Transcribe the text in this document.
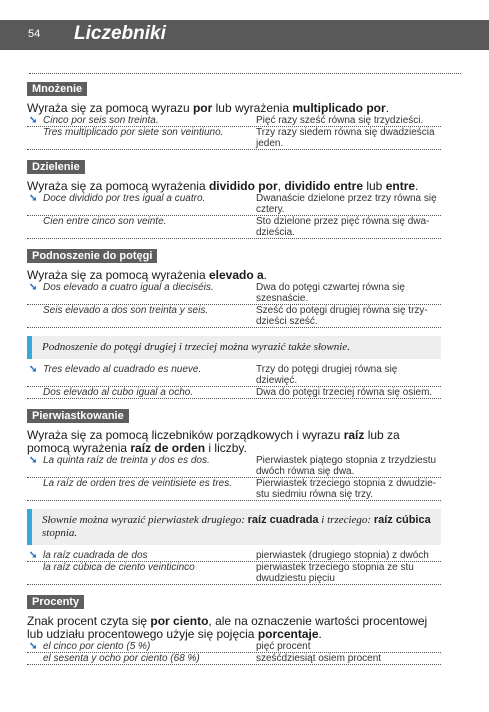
54 Liczebniki
Mnożenie
Wyraża się za pomocą wyrazu por lub wyrażenia multiplicado por.
➘ Cinco por seis son treinta.	Pięć razy sześć równa się trzydzieści.
Tres multiplicado por siete son veintiuno.	Trzy razy siedem równa się dwadzieścia jeden.
Dzielenie
Wyraża się za pomocą wyrażenia dividido por, dividido entre lub entre.
➘ Doce dividido por tres igual a cuatro.	Dwanaście dzielone przez trzy równa się cztery.
Cien entre cinco son veinte.	Sto dzielone przez pięć równa się dwa-dzieścia.
Podnoszenie do potęgi
Wyraża się za pomocą wyrażenia elevado a.
➘ Dos elevado a cuatro igual a dieciséis.	Dwa do potęgi czwartej równa się szesnaście.
Seis elevado a dos son treinta y seis.	Sześć do potęgi drugiej równa się trzy-dzieści sześć.
Podnoszenie do potęgi drugiej i trzeciej można wyrazić także słownie.
➘ Tres elevado al cuadrado es nueve.	Trzy do potęgi drugiej równa się dziewięć.
Dos elevado al cubo igual a ocho.	Dwa do potęgi trzeciej równa się osiem.
Pierwiastkowanie
Wyraża się za pomocą liczebników porządkowych i wyrazu raíz lub za pomocą wyrażenia raíz de orden i liczby.
➘ La quinta raíz de treinta y dos es dos.	Pierwiastek piątego stopnia z trzydziestu dwóch równa się dwa.
La raíz de orden tres de veintisiete es tres.	Pierwiastek trzeciego stopnia z dwudzie-stu siedmiu równa się trzy.
Słownie można wyrazić pierwiastek drugiego: raíz cuadrada i trzeciego: raíz cúbica stopnia.
➘ la raíz cuadrada de dos	pierwiastek (drugiego stopnia) z dwóch
la raíz cúbica de ciento veinticinco	pierwiastek trzeciego stopnia ze stu dwudziestu pięciu
Procenty
Znak procent czyta się por ciento, ale na oznaczenie wartości procentowej lub udziału procentowego użyje się pojęcia porcentaje.
➘ el cinco por ciento (5 %)	pięć procent
el sesenta y ocho por ciento (68 %)	sześćdziesiąt osiem procent
